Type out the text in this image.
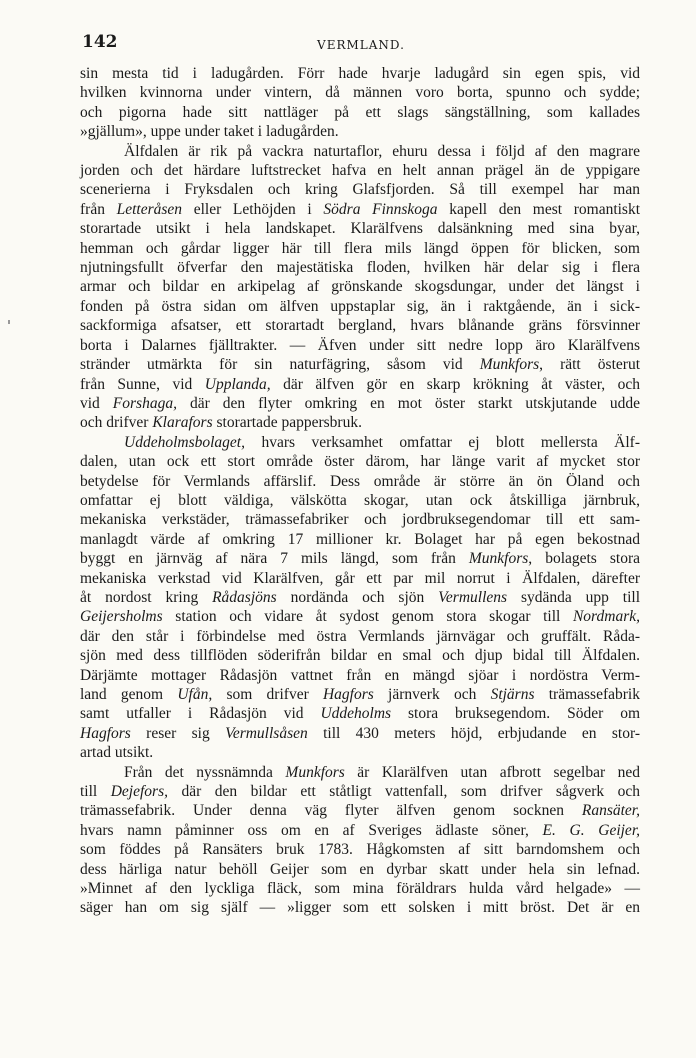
142	VERMLAND.

sin mesta tid i ladugården. Förr hade hvarje ladugård sin egen spis, vid
hvilken kvinnorna under vintern, då männen voro borta, spunno och sydde;
och pigorna hade sitt nattläger på ett slags sängställning, som kallades
»gjällum», uppe under taket i ladugården.

Älfdalen är rik på vackra naturtaflor, ehuru dessa i följd af den magrare
jorden och det härdare luftstrecket hafva en helt annan prägel än de yppigare
scenerierna i Fryksdalen och kring Glafsfjorden. Så till exempel har man
från Letteråsen eller Lethöjden i Södra Finnskoga kapell den mest romantiskt
storartade utsikt i hela landskapet. Klarälfvens dalsänkning med sina byar,
hemman och gårdar ligger här till flera mils längd öppen för blicken, som
njutningsfullt öfverfar den majestätiska floden, hvilken här delar sig i flera
armar och bildar en arkipelag af grönskande skogsdungar, under det längst i
fonden på östra sidan om älfven uppstaplar sig, än i raktgående, än i sick-
sackformiga afsatser, ett storartadt bergland, hvars blånande gräns försvinner
borta i Dalarnes fjälltrakter. — Äfven under sitt nedre lopp äro Klarälfvens
stränder utmärkta för sin naturfägring, såsom vid Munkfors, rätt österut
från Sunne, vid Upplanda, där älfven gör en skarp krökning åt väster, och
vid Forshaga, där den flyter omkring en mot öster starkt utskjutande udde
och drifver Klarafors storartade pappersbruk.

Uddeholmsbolaget, hvars verksamhet omfattar ej blott mellersta Älf-
dalen, utan ock ett stort område öster därom, har länge varit af mycket stor
betydelse för Vermlands affärslif. Dess område är större än ön Öland och
omfattar ej blott väldiga, välskötta skogar, utan ock åtskilliga järnbruk,
mekaniska verkstäder, trämassefabriker och jordbruksegendomar till ett sam-
manlagdt värde af omkring 17 millioner kr. Bolaget har på egen bekostnad
byggt en järnväg af nära 7 mils längd, som från Munkfors, bolagets stora
mekaniska verkstad vid Klarälfven, går ett par mil norrut i Älfdalen, därefter
åt nordost kring Rådasjöns nordända och sjön Vermullens sydända upp till
Geijersholms station och vidare åt sydost genom stora skogar till Nordmark,
där den står i förbindelse med östra Vermlands järnvägar och gruffält. Råda-
sjön med dess tillflöden söderifrån bildar en smal och djup bidal till Älfdalen.
Därjämte mottager Rådasjön vattnet från en mängd sjöar i nordöstra Verm-
land genom Ufån, som drifver Hagfors järnverk och Stjärns trämassefabrik
samt utfaller i Rådasjön vid Uddeholms stora bruksegendom. Söder om
Hagfors reser sig Vermullsåsen till 430 meters höjd, erbjudande en stor-
artad utsikt.

Från det nyssnämnda Munkfors är Klarälfven utan afbrott segelbar ned
till Dejefors, där den bildar ett ståtligt vattenfall, som drifver sågverk och
trämassefabrik. Under denna väg flyter älfven genom socknen Ransäter,
hvars namn påminner oss om en af Sveriges ädlaste söner, E. G. Geijer,
som föddes på Ransäters bruk 1783. Hågkomsten af sitt barndomshem och
dess härliga natur behöll Geijer som en dyrbar skatt under hela sin lefnad.
»Minnet af den lyckliga fläck, som mina föräldrars hulda vård helgade» —
säger han om sig själf — »ligger som ett solsken i mitt bröst. Det är en
